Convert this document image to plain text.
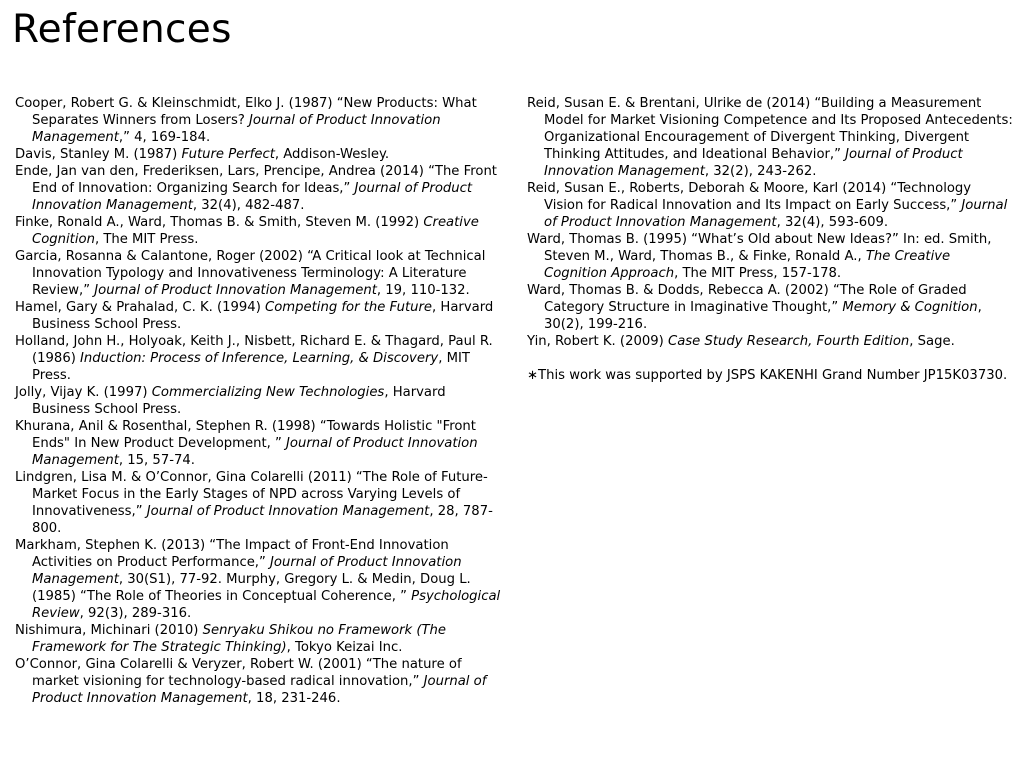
References

Cooper, Robert G. & Kleinschmidt, Elko J. (1987) “New Products: What Separates Winners from Losers? Journal of Product Innovation Management,” 4, 169-184.

Davis, Stanley M. (1987) Future Perfect, Addison-Wesley.

Ende, Jan van den, Frederiksen, Lars, Prencipe, Andrea (2014) “The Front End of Innovation: Organizing Search for Ideas,” Journal of Product Innovation Management, 32(4), 482-487.

Finke, Ronald A., Ward, Thomas B. & Smith, Steven M. (1992) Creative Cognition, The MIT Press.

Garcia, Rosanna & Calantone, Roger (2002) “A Critical look at Technical Innovation Typology and Innovativeness Terminology: A Literature Review,” Journal of Product Innovation Management, 19, 110-132.

Hamel, Gary & Prahalad, C. K. (1994) Competing for the Future, Harvard Business School Press.

Holland, John H., Holyoak, Keith J., Nisbett, Richard E. & Thagard, Paul R. (1986) Induction: Process of Inference, Learning, & Discovery, MIT Press.

Jolly, Vijay K. (1997) Commercializing New Technologies, Harvard Business School Press.

Khurana, Anil & Rosenthal, Stephen R. (1998) “Towards Holistic "Front Ends" In New Product Development, ” Journal of Product Innovation Management, 15, 57-74.

Lindgren, Lisa M. & O’Connor, Gina Colarelli (2011) “The Role of Future-Market Focus in the Early Stages of NPD across Varying Levels of Innovativeness,” Journal of Product Innovation Management, 28, 787-800.

Markham, Stephen K. (2013) “The Impact of Front-End Innovation Activities on Product Performance,” Journal of Product Innovation Management, 30(S1), 77-92. Murphy, Gregory L. & Medin, Doug L. (1985) “The Role of Theories in Conceptual Coherence, ” Psychological Review, 92(3), 289-316.

Nishimura, Michinari (2010) Senryaku Shikou no Framework (The Framework for The Strategic Thinking), Tokyo Keizai Inc.

O’Connor, Gina Colarelli & Veryzer, Robert W. (2001) “The nature of market visioning for technology-based radical innovation,” Journal of Product Innovation Management, 18, 231-246.

Reid, Susan E. & Brentani, Ulrike de (2014) “Building a Measurement Model for Market Visioning Competence and Its Proposed Antecedents: Organizational Encouragement of Divergent Thinking, Divergent Thinking Attitudes, and Ideational Behavior,” Journal of Product Innovation Management, 32(2), 243-262.

Reid, Susan E., Roberts, Deborah & Moore, Karl (2014) “Technology Vision for Radical Innovation and Its Impact on Early Success,” Journal of Product Innovation Management, 32(4), 593-609.

Ward, Thomas B. (1995) “What’s Old about New Ideas?” In: ed. Smith, Steven M., Ward, Thomas B., & Finke, Ronald A., The Creative Cognition Approach, The MIT Press, 157-178.

Ward, Thomas B. & Dodds, Rebecca A. (2002) “The Role of Graded Category Structure in Imaginative Thought,” Memory & Cognition, 30(2), 199-216.

Yin, Robert K. (2009) Case Study Research, Fourth Edition, Sage.

∗This work was supported by JSPS KAKENHI Grand Number JP15K03730.
